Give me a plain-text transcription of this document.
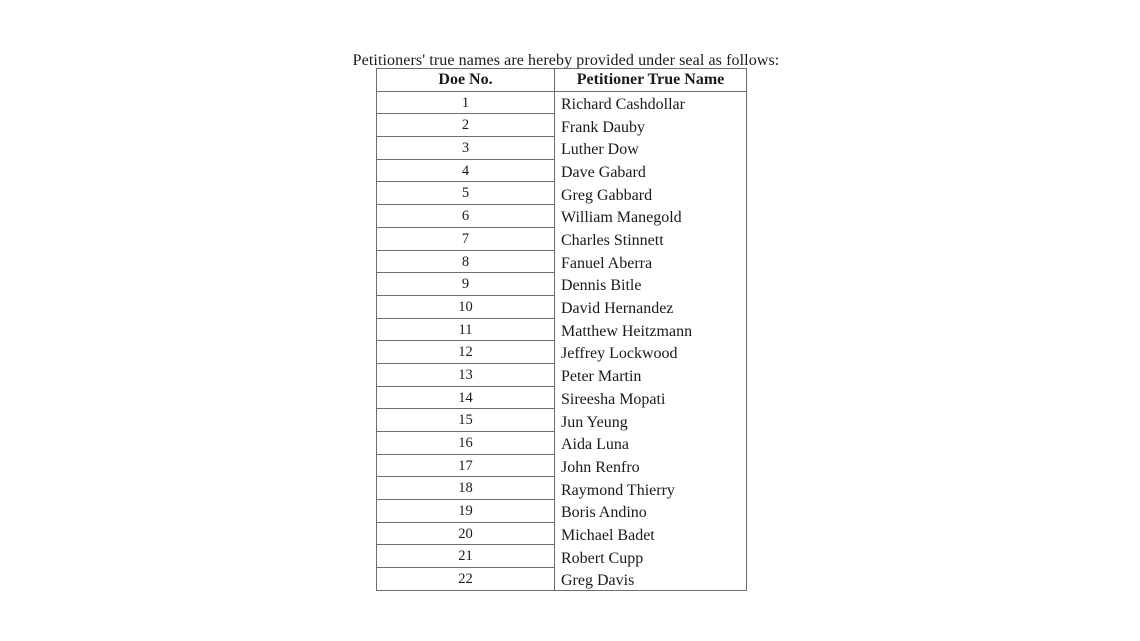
Petitioners' true names are hereby provided under seal as follows:

Doe No.	Petitioner True Name
1	Richard Cashdollar
2	Frank Dauby
3	Luther Dow
4	Dave Gabard
5	Greg Gabbard
6	William Manegold
7	Charles Stinnett
8	Fanuel Aberra
9	Dennis Bitle
10	David Hernandez
11	Matthew Heitzmann
12	Jeffrey Lockwood
13	Peter Martin
14	Sireesha Mopati
15	Jun Yeung
16	Aida Luna
17	John Renfro
18	Raymond Thierry
19	Boris Andino
20	Michael Badet
21	Robert Cupp
22	Greg Davis
